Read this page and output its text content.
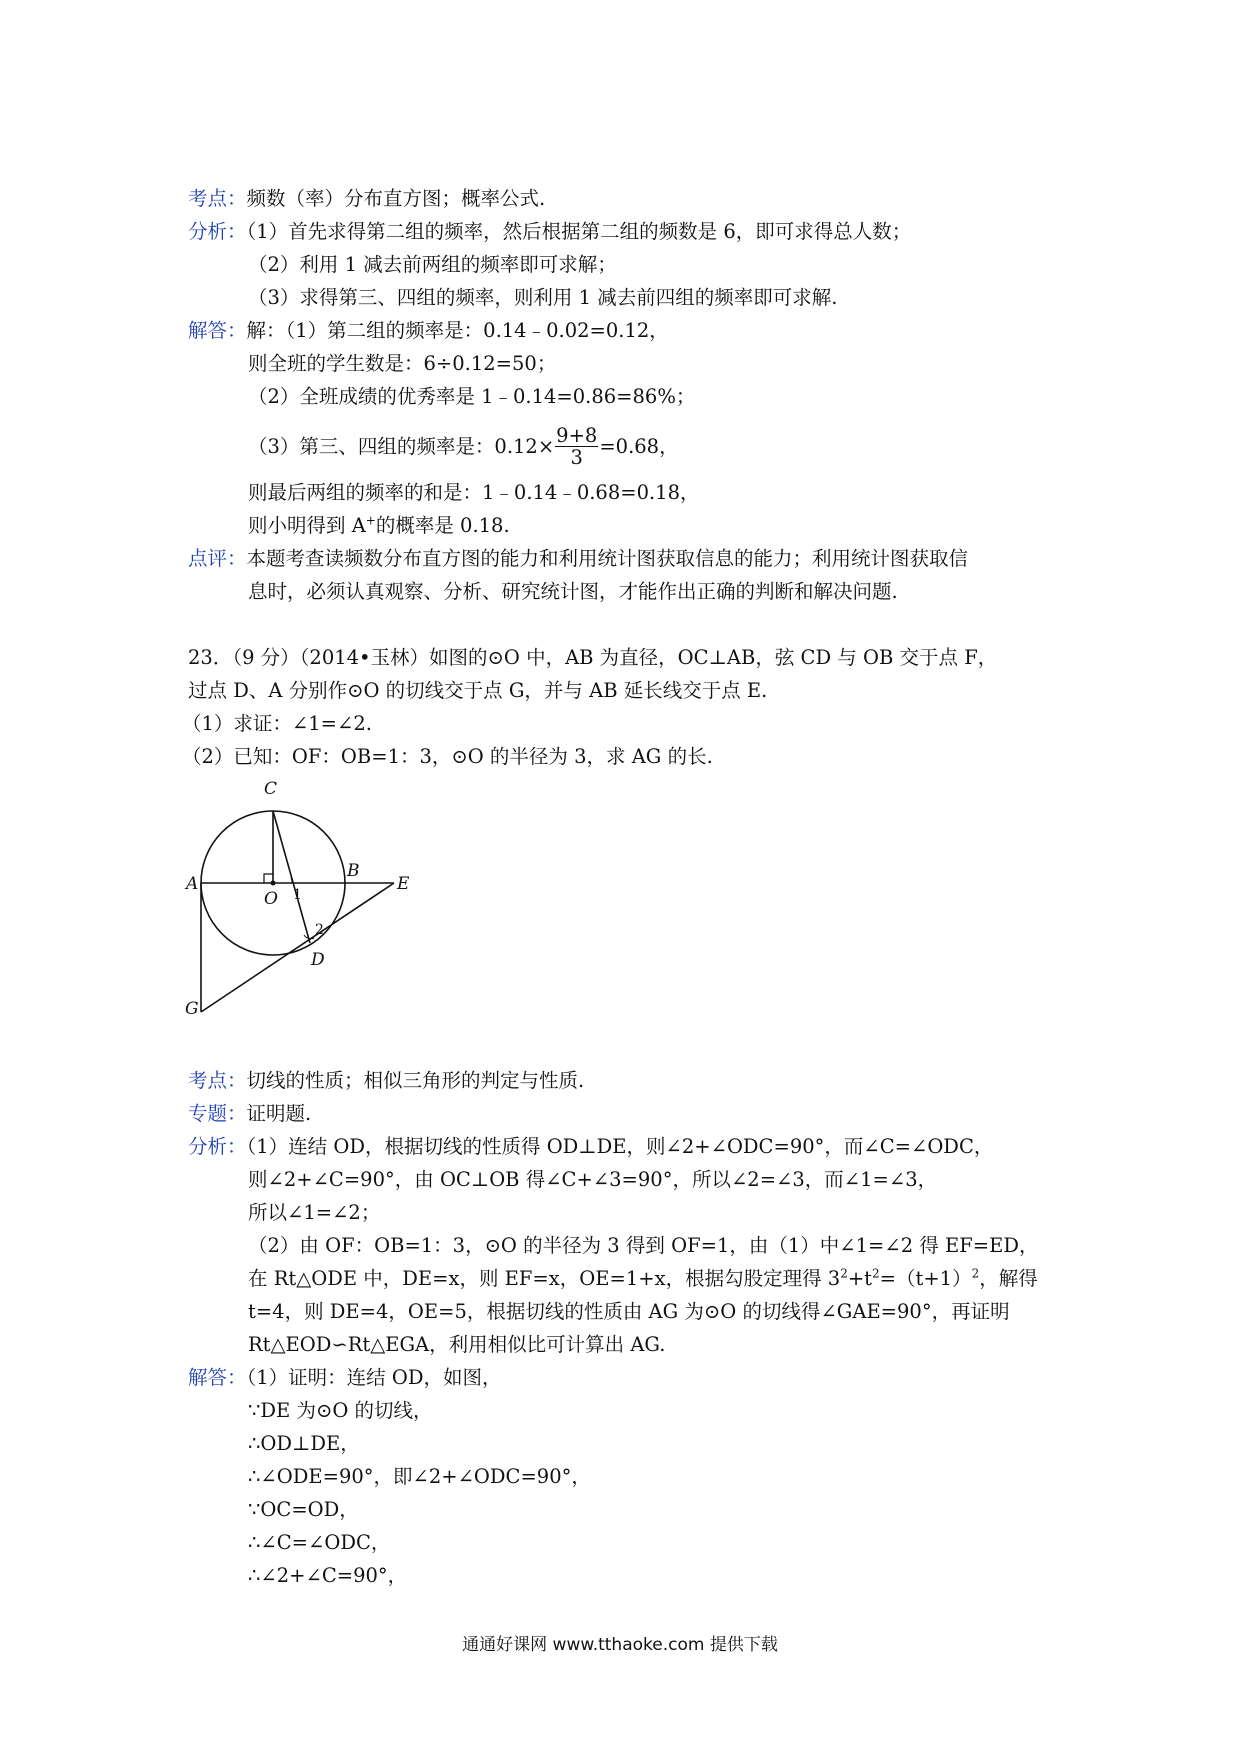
考点：频数（率）分布直方图；概率公式.
分析：（1）首先求得第二组的频率，然后根据第二组的频数是 6，即可求得总人数；
（2）利用 1 减去前两组的频率即可求解；
（3）求得第三、四组的频率，则利用 1 减去前四组的频率即可求解.
解答：解：（1）第二组的频率是：0.14﹣0.02=0.12，
则全班的学生数是：6÷0.12=50；
（2）全班成绩的优秀率是 1﹣0.14=0.86=86%；
（3）第三、四组的频率是：$0.12\times \frac{9+8}{3} =0.68$，
则最后两组的频率的和是：1﹣0.14﹣0.68=0.18，
则小明得到 A+的概率是 0.18.
点评：本题考查读频数分布直方图的能力和利用统计图获取信息的能力；利用统计图获取信
息时，必须认真观察、分析、研究统计图，才能作出正确的判断和解决问题.
23．（9 分）（2014•玉林）如图的⊙O 中，AB 为直径，OC⊥AB，弦 CD 与 OB 交于点 F，
过点 D、A 分别作⊙O 的切线交于点 G，并与 AB 延长线交于点 E.
（1）求证：∠1=∠2.
（2）已知：OF：OB=1：3，⊙O 的半径为 3，求 AG 的长.
C
A
B
E
O
D
G
1
2
考点：切线的性质；相似三角形的判定与性质.
专题：证明题.
分析：（1）连结 OD，根据切线的性质得 OD⊥DE，则∠2+∠ODC=90°，而∠C=∠ODC，
则∠2+∠C=90°，由 OC⊥OB 得∠C+∠3=90°，所以∠2=∠3，而∠1=∠3，
所以∠1=∠2；
（2）由 OF：OB=1：3，⊙O 的半径为 3 得到 OF=1，由（1）中∠1=∠2 得 EF=ED，
在 Rt△ODE 中，DE=x，则 EF=x，OE=1+x，根据勾股定理得 $3^2+t^2=(t+1)^2$，解得
t=4，则 DE=4，OE=5，根据切线的性质由 AG 为⊙O 的切线得∠GAE=90°，再证明
Rt△EOD∽Rt△EGA，利用相似比可计算出 AG.
解答：（1）证明：连结 OD，如图，
∵DE 为⊙O 的切线，
∴OD⊥DE，
∴∠ODE=90°，即∠2+∠ODC=90°，
∵OC=OD，
∴∠C=∠ODC，
∴∠2+∠C=90°，
通通好课网 www.tthaoke.com 提供下载
